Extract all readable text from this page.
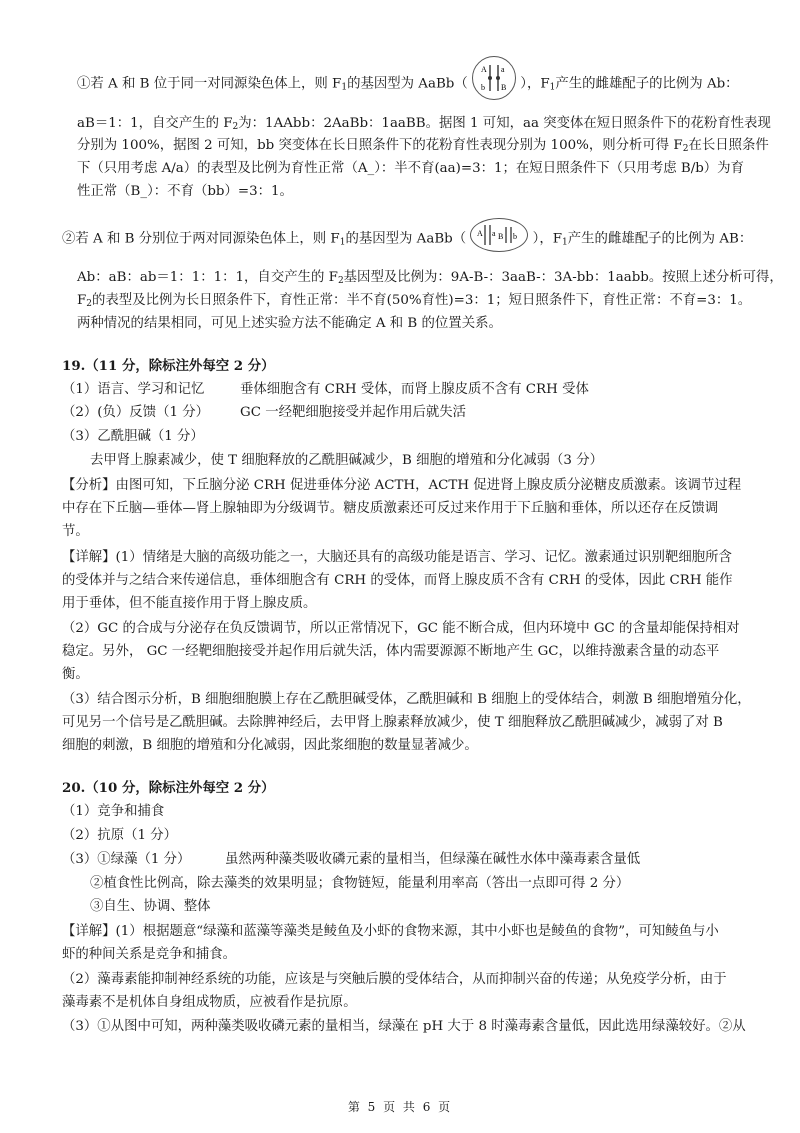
①若 A 和 B 位于同一对同源染色体上，则 $F_1$的基因型为 AaBb（
A a
b B ），$F_1$产生的雌雄配子的比例为 Ab：
aB＝1：1，自交产生的 $F_2$为：1AAbb：2AaBb：1aaBB。据图 1 可知，aa 突变体在短日照条件下的花粉育性表现
分别为 100%，据图 2 可知，bb 突变体在长日照条件下的花粉育性表现分别为 100%，则分析可得 $F_2$在长日照条件
下（只用考虑 A/a）的表型及比例为育性正常（A_）：半不育(aa)=3：1；在短日照条件下（只用考虑 B/b）为育
性正常（B_）：不育（bb）=3：1。
②若 A 和 B 分别位于两对同源染色体上，则 $F_1$的基因型为 AaBb（ A a B b ），$F_1$产生的雌雄配子的比例为 AB：
Ab：aB：ab＝1：1：1：1，自交产生的 $F_2$基因型及比例为：9A-B-：3aaB-：3A-bb：1aabb。按照上述分析可得，
$F_2$的表型及比例为长日照条件下，育性正常：半不育(50%育性)=3：1；短日照条件下，育性正常：不育=3：1。
两种情况的结果相同，可见上述实验方法不能确定 A 和 B 的位置关系。
19.（11 分，除标注外每空 2 分）
（1）语言、学习和记忆	垂体细胞含有 CRH 受体，而肾上腺皮质不含有 CRH 受体
（2）(负）反馈（1 分） GC 一经靶细胞接受并起作用后就失活
（3）乙酰胆碱（1 分）
去甲肾上腺素减少，使 T 细胞释放的乙酰胆碱减少，B 细胞的增殖和分化减弱（3 分）
【分析】由图可知，下丘脑分泌 CRH 促进垂体分泌 ACTH，ACTH 促进肾上腺皮质分泌糖皮质激素。该调节过程
中存在下丘脑—垂体—肾上腺轴即为分级调节。糖皮质激素还可反过来作用于下丘脑和垂体，所以还存在反馈调
节。
【详解】(1）情绪是大脑的高级功能之一，大脑还具有的高级功能是语言、学习、记忆。激素通过识别靶细胞所含
的受体并与之结合来传递信息，垂体细胞含有 CRH 的受体，而肾上腺皮质不含有 CRH 的受体，因此 CRH 能作
用于垂体，但不能直接作用于肾上腺皮质。
（2）GC 的合成与分泌存在负反馈调节，所以正常情况下，GC 能不断合成，但内环境中 GC 的含量却能保持相对
稳定。另外， GC 一经靶细胞接受并起作用后就失活，体内需要源源不断地产生 GC，以维持激素含量的动态平
衡。
（3）结合图示分析，B 细胞细胞膜上存在乙酰胆碱受体，乙酰胆碱和 B 细胞上的受体结合，刺激 B 细胞增殖分化，
可见另一个信号是乙酰胆碱。去除脾神经后，去甲肾上腺素释放减少，使 T 细胞释放乙酰胆碱减少，减弱了对 B
细胞的刺激，B 细胞的增殖和分化减弱，因此浆细胞的数量显著减少。
20.（10 分，除标注外每空 2 分）
（1）竞争和捕食
（2）抗原（1 分）
（3）①绿藻（1 分）	虽然两种藻类吸收磷元素的量相当，但绿藻在碱性水体中藻毒素含量低
②植食性比例高，除去藻类的效果明显；食物链短，能量利用率高（答出一点即可得 2 分）
③自生、协调、整体
【详解】(1）根据题意“绿藻和蓝藻等藻类是鲮鱼及小虾的食物来源，其中小虾也是鲮鱼的食物”，可知鲮鱼与小
虾的种间关系是竞争和捕食。
（2）藻毒素能抑制神经系统的功能，应该是与突触后膜的受体结合，从而抑制兴奋的传递；从免疫学分析，由于
藻毒素不是机体自身组成物质，应被看作是抗原。
（3）①从图中可知，两种藻类吸收磷元素的量相当，绿藻在 pH 大于 8 时藻毒素含量低，因此选用绿藻较好。②从
第 5 页 共 6 页
